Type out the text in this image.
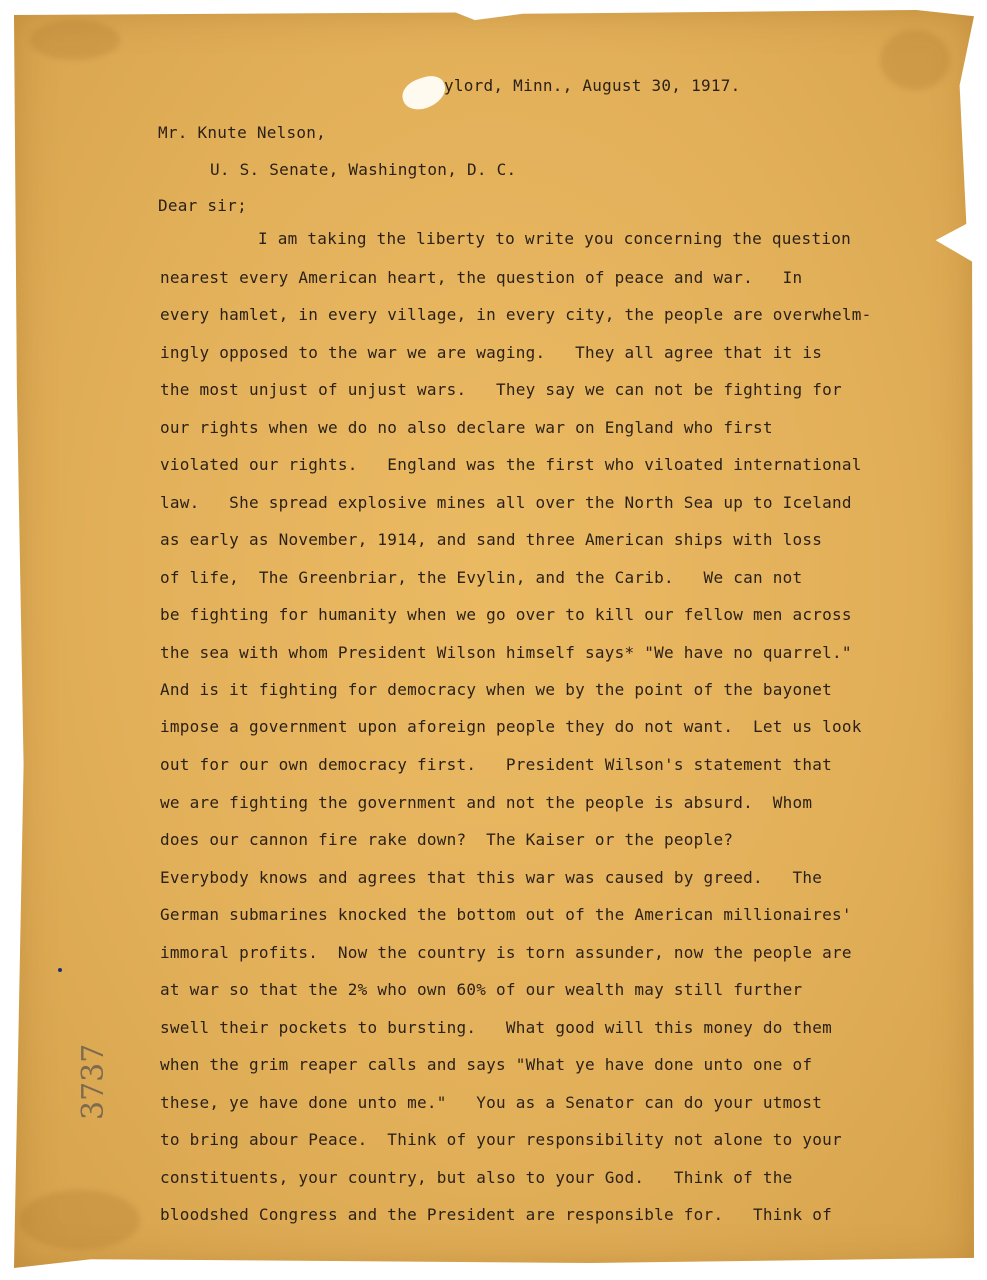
ylord, Minn., August 30, 1917.
Mr. Knute Nelson,
U. S. Senate, Washington, D. C.
Dear sir;
I am taking the liberty to write you concerning the question
nearest every American heart, the question of peace and war.   In
every hamlet, in every village, in every city, the people are overwhelm-
ingly opposed to the war we are waging.   They all agree that it is
the most unjust of unjust wars.   They say we can not be fighting for
our rights when we do no also declare war on England who first
violated our rights.   England was the first who viloated international
law.   She spread explosive mines all over the North Sea up to Iceland
as early as November, 1914, and sand three American ships with loss
of life,  The Greenbriar, the Evylin, and the Carib.   We can not
be fighting for humanity when we go over to kill our fellow men across
the sea with whom President Wilson himself says* "We have no quarrel."
And is it fighting for democracy when we by the point of the bayonet
impose a government upon aforeign people they do not want.  Let us look
out for our own democracy first.   President Wilson's statement that
we are fighting the government and not the people is absurd.  Whom
does our cannon fire rake down?  The Kaiser or the people?
Everybody knows and agrees that this war was caused by greed.   The
German submarines knocked the bottom out of the American millionaires'
immoral profits.  Now the country is torn assunder, now the people are
at war so that the 2% who own 60% of our wealth may still further
swell their pockets to bursting.   What good will this money do them
when the grim reaper calls and says "What ye have done unto one of
these, ye have done unto me."   You as a Senator can do your utmost
to bring abour Peace.  Think of your responsibility not alone to your
constituents, your country, but also to your God.   Think of the
bloodshed Congress and the President are responsible for.   Think of
3737
